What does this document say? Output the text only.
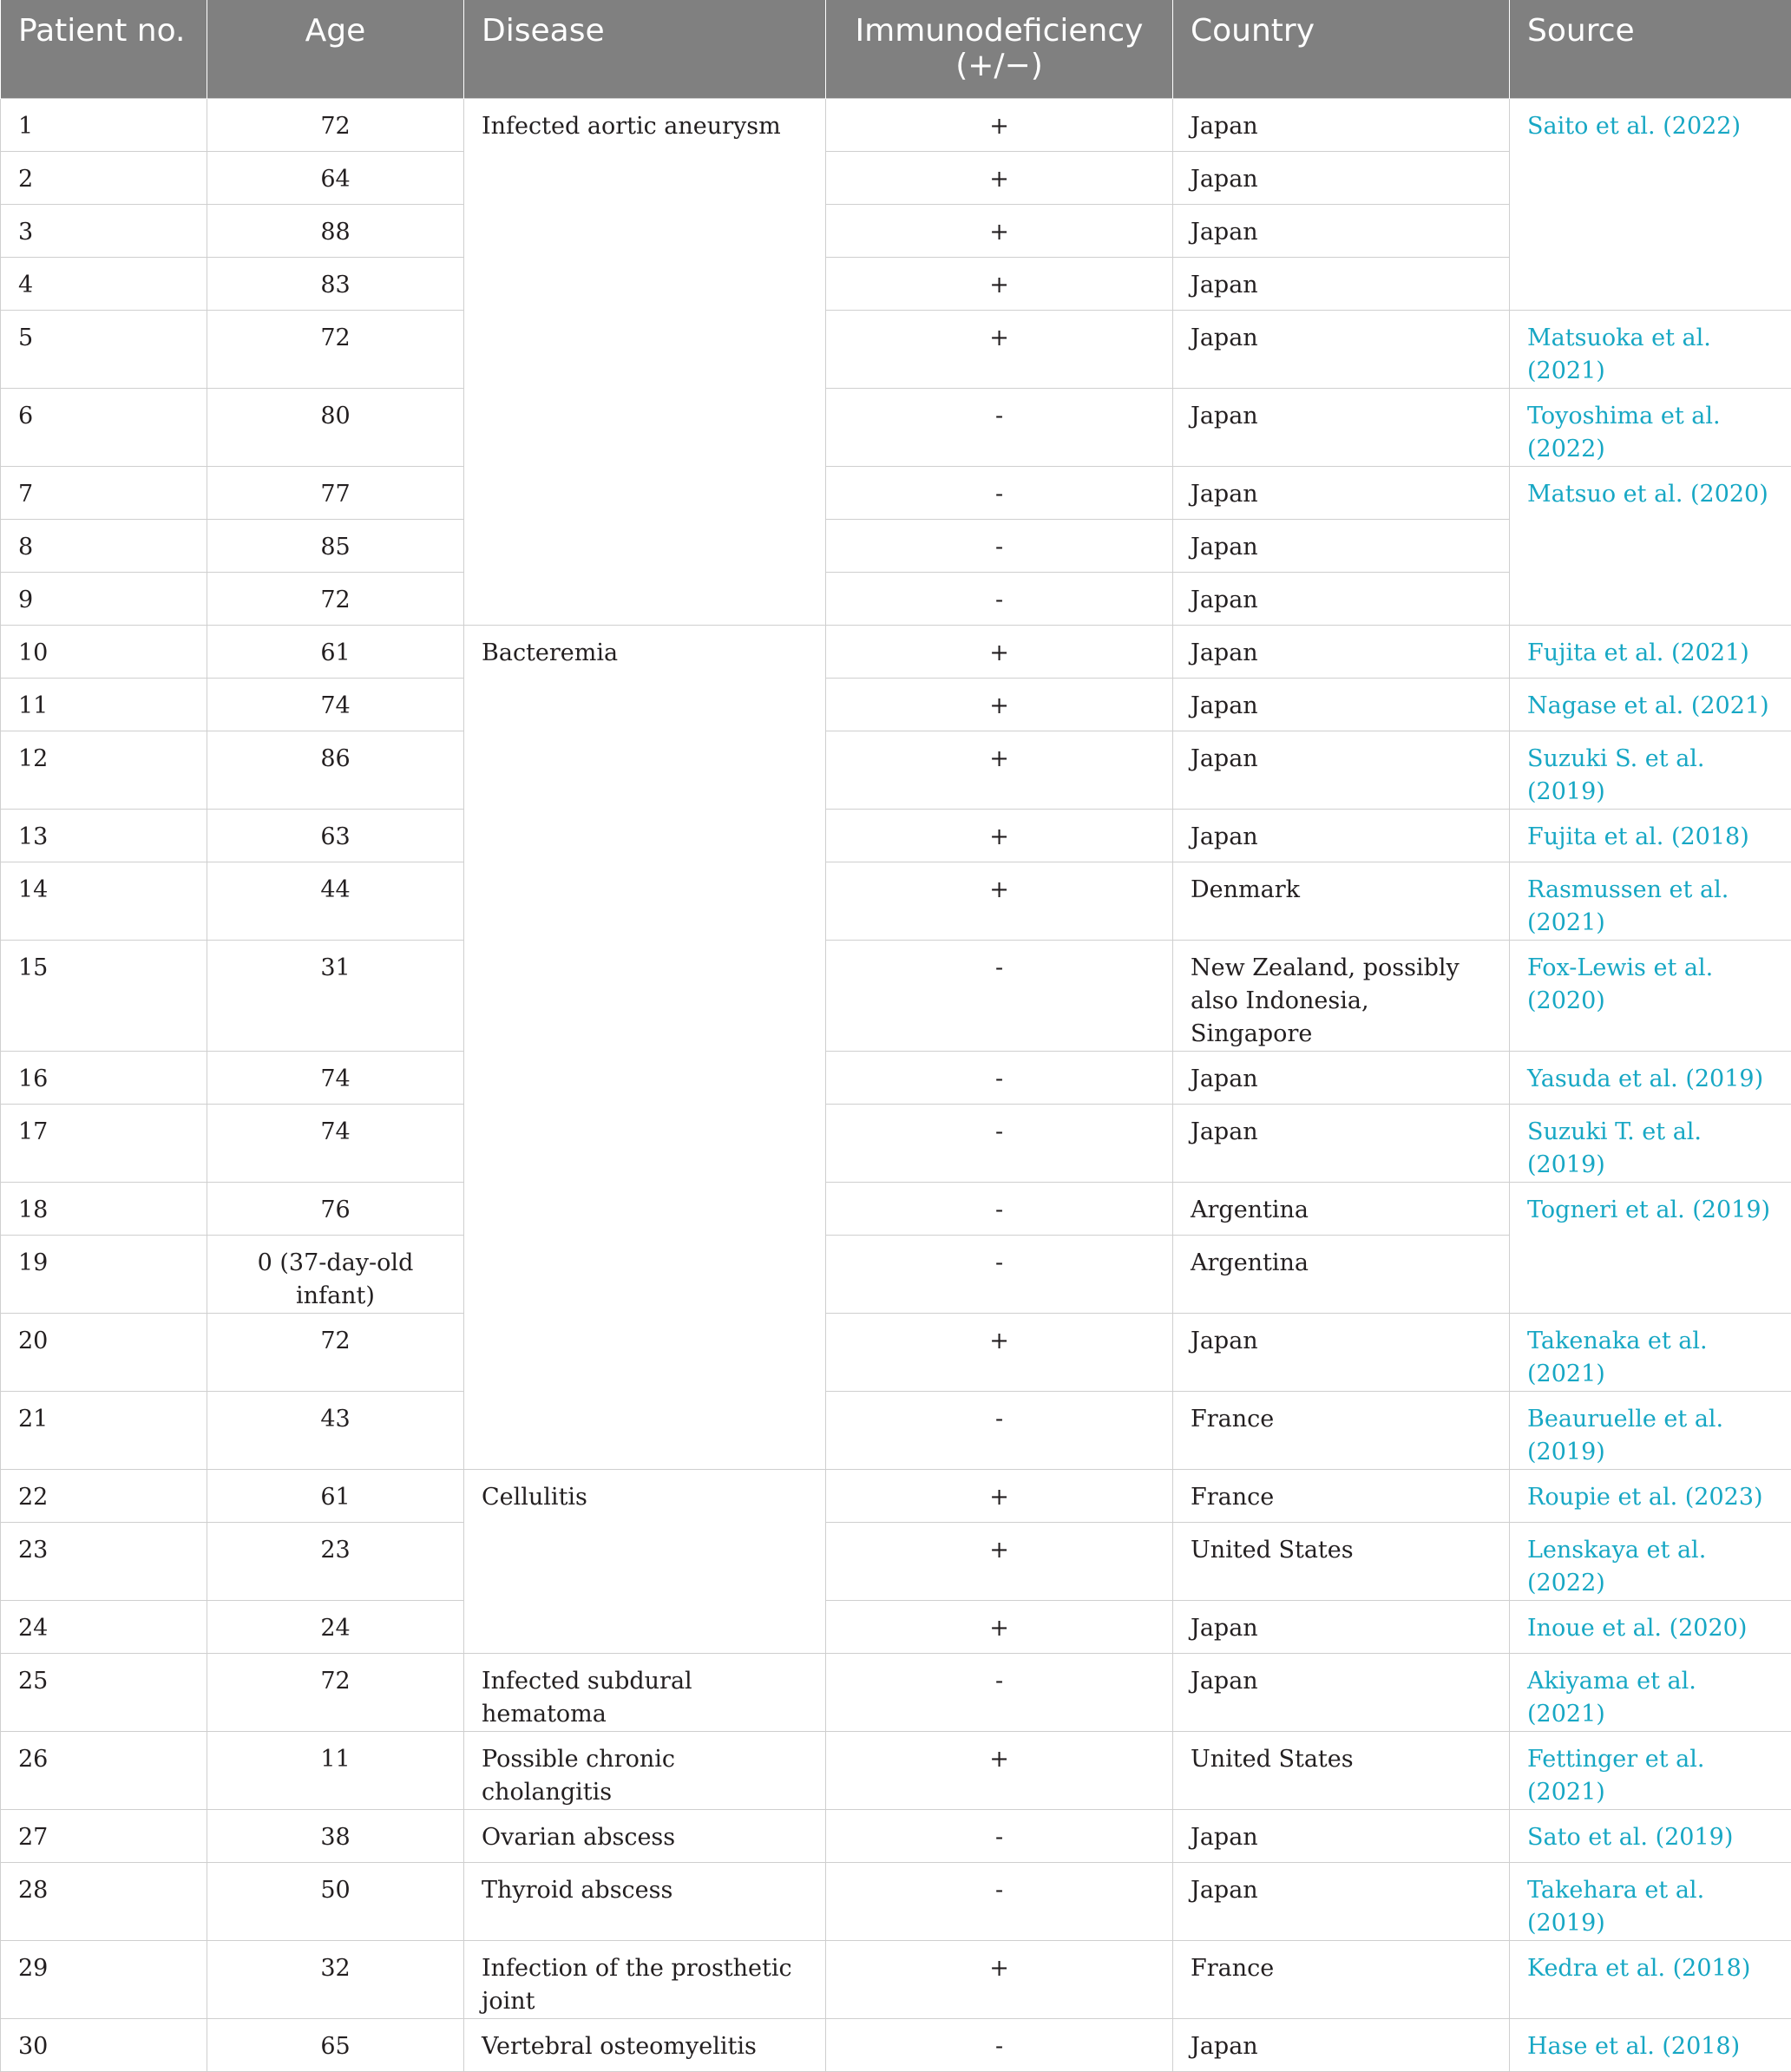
Patient no.	Age	Disease	Immunodeficiency (+/−)	Country	Source
1	72	Infected aortic aneurysm	+	Japan	Saito et al. (2022)
2	64		+	Japan	
3	88		+	Japan	
4	83		+	Japan	
5	72		+	Japan	Matsuoka et al. (2021)
6	80		-	Japan	Toyoshima et al. (2022)
7	77		-	Japan	Matsuo et al. (2020)
8	85		-	Japan	
9	72		-	Japan	
10	61	Bacteremia	+	Japan	Fujita et al. (2021)
11	74		+	Japan	Nagase et al. (2021)
12	86		+	Japan	Suzuki S. et al. (2019)
13	63		+	Japan	Fujita et al. (2018)
14	44		+	Denmark	Rasmussen et al. (2021)
15	31		-	New Zealand, possibly also Indonesia, Singapore	Fox-Lewis et al. (2020)
16	74		-	Japan	Yasuda et al. (2019)
17	74		-	Japan	Suzuki T. et al. (2019)
18	76		-	Argentina	Togneri et al. (2019)
19	0 (37-day-old infant)		-	Argentina	
20	72		+	Japan	Takenaka et al. (2021)
21	43		-	France	Beauruelle et al. (2019)
22	61	Cellulitis	+	France	Roupie et al. (2023)
23	23		+	United States	Lenskaya et al. (2022)
24	24		+	Japan	Inoue et al. (2020)
25	72	Infected subdural hematoma	-	Japan	Akiyama et al. (2021)
26	11	Possible chronic cholangitis	+	United States	Fettinger et al. (2021)
27	38	Ovarian abscess	-	Japan	Sato et al. (2019)
28	50	Thyroid abscess	-	Japan	Takehara et al. (2019)
29	32	Infection of the prosthetic joint	+	France	Kedra et al. (2018)
30	65	Vertebral osteomyelitis	-	Japan	Hase et al. (2018)
